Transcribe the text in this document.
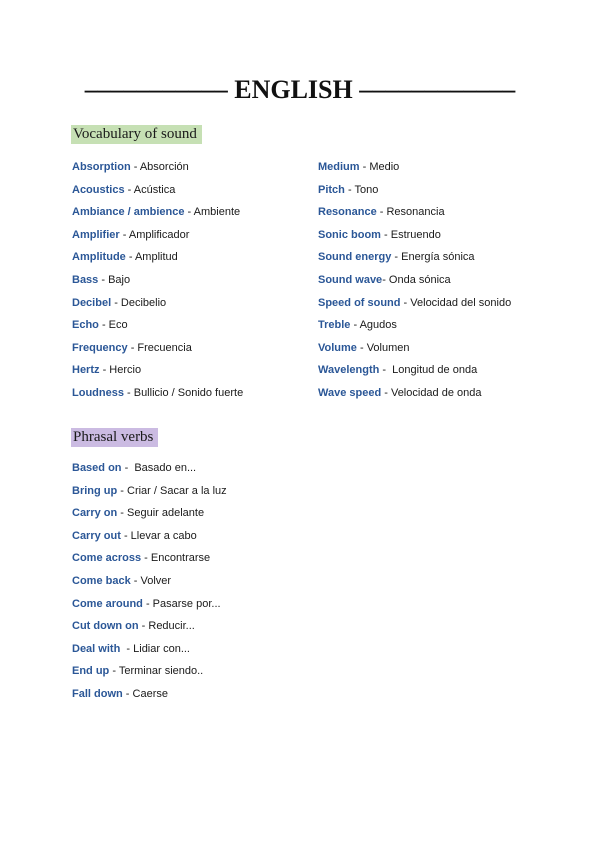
––––––––––– ENGLISH ––––––––––––
Vocabulary of sound
Absorption - Absorción
Acoustics - Acústica
Ambiance / ambience - Ambiente
Amplifier - Amplificador
Amplitude - Amplitud
Bass - Bajo
Decibel - Decibelio
Echo - Eco
Frequency - Frecuencia
Hertz - Hercio
Loudness - Bullicio / Sonido fuerte
Medium - Medio
Pitch - Tono
Resonance - Resonancia
Sonic boom - Estruendo
Sound energy - Energía sónica
Sound wave- Onda sónica
Speed of sound - Velocidad del sonido
Treble - Agudos
Volume - Volumen
Wavelength -  Longitud de onda
Wave speed - Velocidad de onda
Phrasal verbs
Based on -  Basado en...
Bring up - Criar / Sacar a la luz
Carry on - Seguir adelante
Carry out - Llevar a cabo
Come across - Encontrarse
Come back - Volver
Come around - Pasarse por...
Cut down on - Reducir...
Deal with  - Lidiar con...
End up - Terminar siendo..
Fall down - Caerse
